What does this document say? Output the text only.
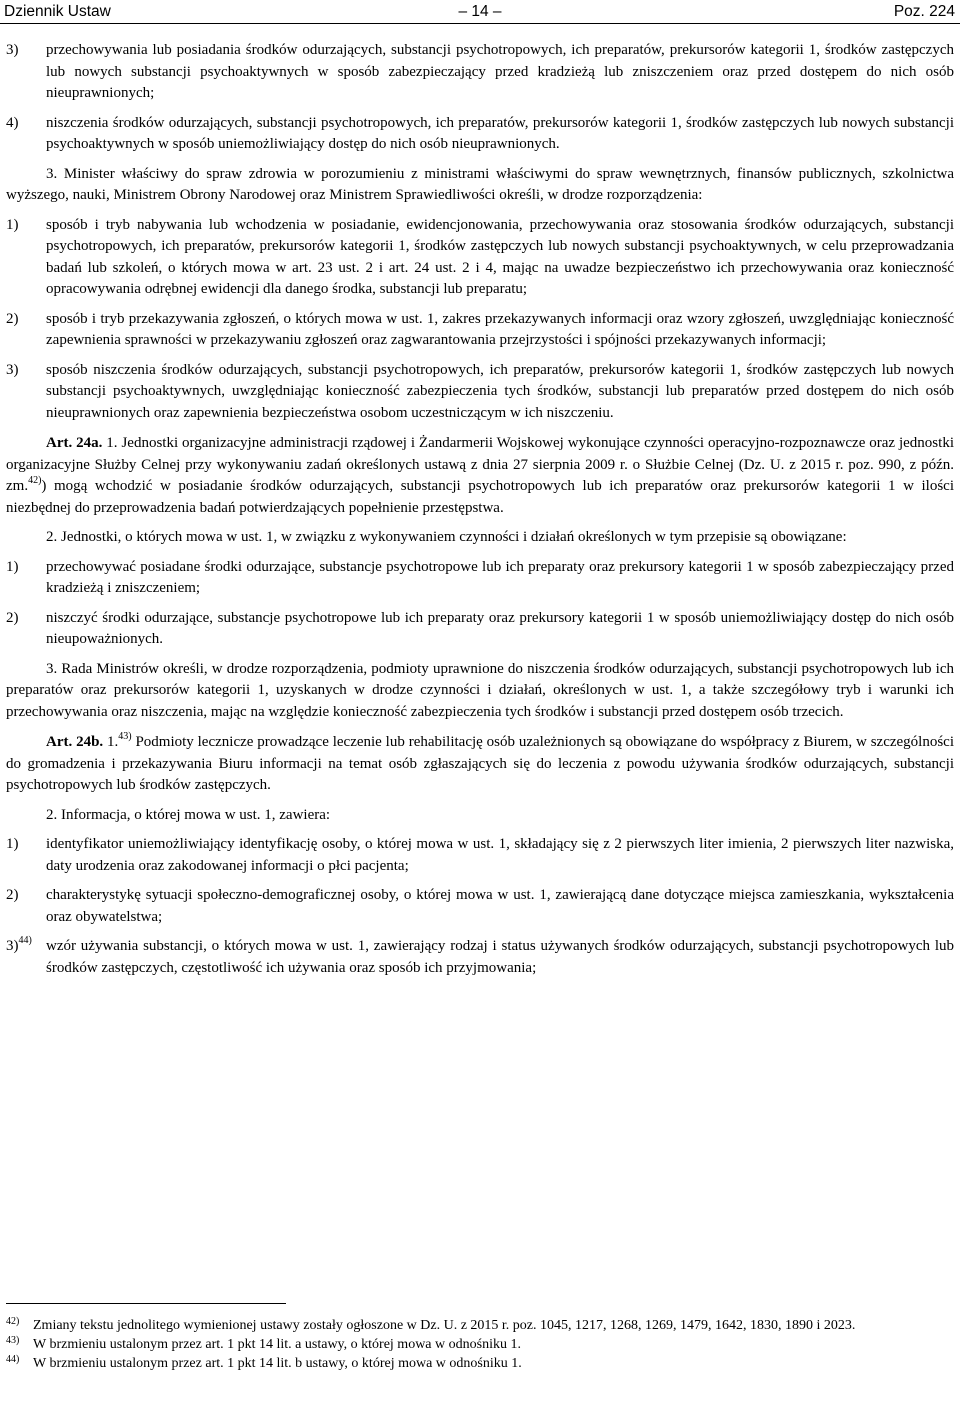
Dziennik Ustaw	– 14 –	Poz. 224
3) przechowywania lub posiadania środków odurzających, substancji psychotropowych, ich preparatów, prekursorów kategorii 1, środków zastępczych lub nowych substancji psychoaktywnych w sposób zabezpieczający przed kradzieżą lub zniszczeniem oraz przed dostępem do nich osób nieuprawnionych;
4) niszczenia środków odurzających, substancji psychotropowych, ich preparatów, prekursorów kategorii 1, środków zastępczych lub nowych substancji psychoaktywnych w sposób uniemożliwiający dostęp do nich osób nieuprawnionych.
3. Minister właściwy do spraw zdrowia w porozumieniu z ministrami właściwymi do spraw wewnętrznych, finansów publicznych, szkolnictwa wyższego, nauki, Ministrem Obrony Narodowej oraz Ministrem Sprawiedliwości określi, w drodze rozporządzenia:
1) sposób i tryb nabywania lub wchodzenia w posiadanie, ewidencjonowania, przechowywania oraz stosowania środków odurzających, substancji psychotropowych, ich preparatów, prekursorów kategorii 1, środków zastępczych lub nowych substancji psychoaktywnych, w celu przeprowadzania badań lub szkoleń, o których mowa w art. 23 ust. 2 i art. 24 ust. 2 i 4, mając na uwadze bezpieczeństwo ich przechowywania oraz konieczność opracowywania odrębnej ewidencji dla danego środka, substancji lub preparatu;
2) sposób i tryb przekazywania zgłoszeń, o których mowa w ust. 1, zakres przekazywanych informacji oraz wzory zgłoszeń, uwzględniając konieczność zapewnienia sprawności w przekazywaniu zgłoszeń oraz zagwarantowania przejrzystości i spójności przekazywanych informacji;
3) sposób niszczenia środków odurzających, substancji psychotropowych, ich preparatów, prekursorów kategorii 1, środków zastępczych lub nowych substancji psychoaktywnych, uwzględniając konieczność zabezpieczenia tych środków, substancji lub preparatów przed dostępem do nich osób nieuprawnionych oraz zapewnienia bezpieczeństwa osobom uczestniczącym w ich niszczeniu.
Art. 24a. 1. Jednostki organizacyjne administracji rządowej i Żandarmerii Wojskowej wykonujące czynności operacyjno-rozpoznawcze oraz jednostki organizacyjne Służby Celnej przy wykonywaniu zadań określonych ustawą z dnia 27 sierpnia 2009 r. o Służbie Celnej (Dz. U. z 2015 r. poz. 990, z późn. zm.$^{42)}$) mogą wchodzić w posiadanie środków odurzających, substancji psychotropowych lub ich preparatów oraz prekursorów kategorii 1 w ilości niezbędnej do przeprowadzenia badań potwierdzających popełnienie przestępstwa.
2. Jednostki, o których mowa w ust. 1, w związku z wykonywaniem czynności i działań określonych w tym przepisie są obowiązane:
1) przechowywać posiadane środki odurzające, substancje psychotropowe lub ich preparaty oraz prekursory kategorii 1 w sposób zabezpieczający przed kradzieżą i zniszczeniem;
2) niszczyć środki odurzające, substancje psychotropowe lub ich preparaty oraz prekursory kategorii 1 w sposób uniemożliwiający dostęp do nich osób nieupoważnionych.
3. Rada Ministrów określi, w drodze rozporządzenia, podmioty uprawnione do niszczenia środków odurzających, substancji psychotropowych lub ich preparatów oraz prekursorów kategorii 1, uzyskanych w drodze czynności i działań, określonych w ust. 1, a także szczegółowy tryb i warunki ich przechowywania oraz niszczenia, mając na względzie konieczność zabezpieczenia tych środków i substancji przed dostępem osób trzecich.
Art. 24b. 1.$^{43)}$ Podmioty lecznicze prowadzące leczenie lub rehabilitację osób uzależnionych są obowiązane do współpracy z Biurem, w szczególności do gromadzenia i przekazywania Biuru informacji na temat osób zgłaszających się do leczenia z powodu używania środków odurzających, substancji psychotropowych lub środków zastępczych.
2. Informacja, o której mowa w ust. 1, zawiera:
1) identyfikator uniemożliwiający identyfikację osoby, o której mowa w ust. 1, składający się z 2 pierwszych liter imienia, 2 pierwszych liter nazwiska, daty urodzenia oraz zakodowanej informacji o płci pacjenta;
2) charakterystykę sytuacji społeczno-demograficznej osoby, o której mowa w ust. 1, zawierającą dane dotyczące miejsca zamieszkania, wykształcenia oraz obywatelstwa;
3)$^{44)}$ wzór używania substancji, o których mowa w ust. 1, zawierający rodzaj i status używanych środków odurzających, substancji psychotropowych lub środków zastępczych, częstotliwość ich używania oraz sposób ich przyjmowania;
42) Zmiany tekstu jednolitego wymienionej ustawy zostały ogłoszone w Dz. U. z 2015 r. poz. 1045, 1217, 1268, 1269, 1479, 1642, 1830, 1890 i 2023.
43) W brzmieniu ustalonym przez art. 1 pkt 14 lit. a ustawy, o której mowa w odnośniku 1.
44) W brzmieniu ustalonym przez art. 1 pkt 14 lit. b ustawy, o której mowa w odnośniku 1.
